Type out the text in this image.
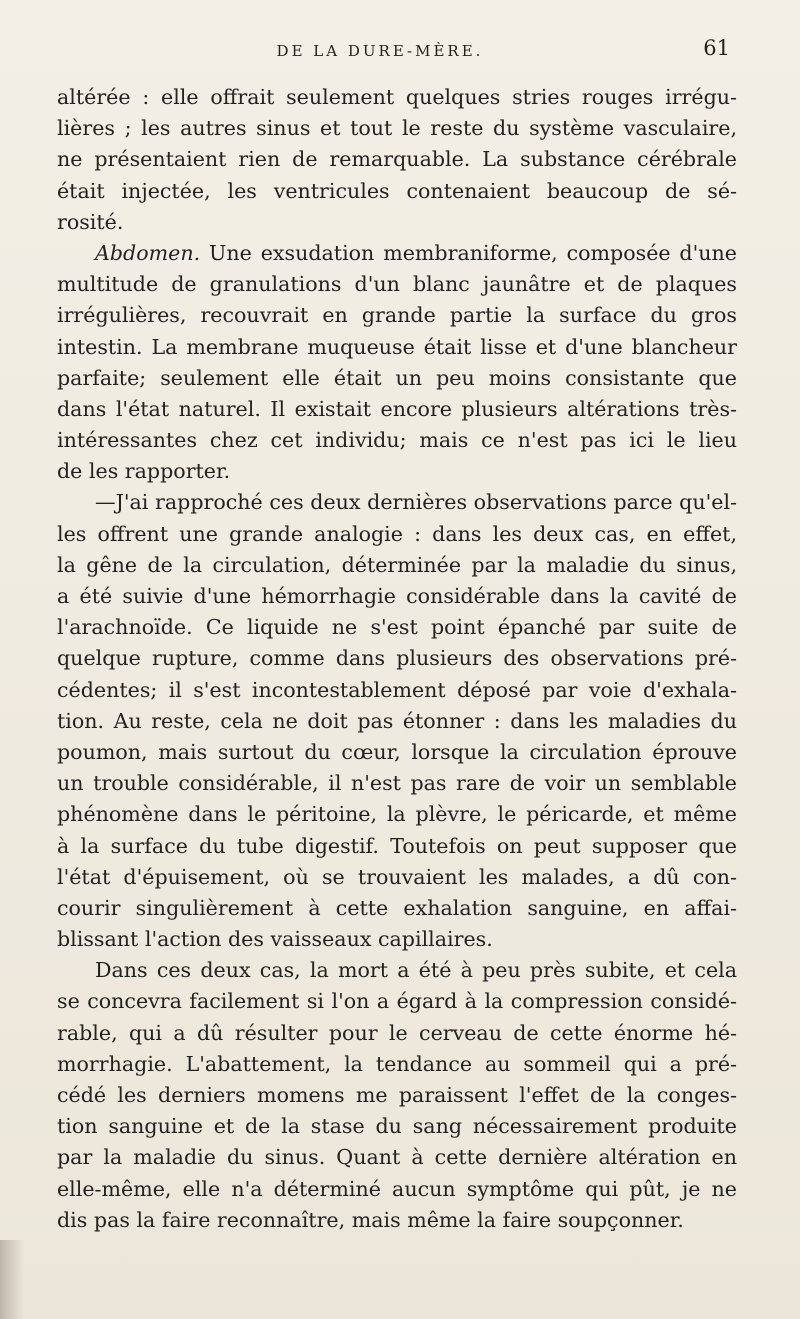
DE LA DURE-MÈRE.	61
altérée : elle offrait seulement quelques stries rouges irrégu-
lières ; les autres sinus et tout le reste du système vasculaire,
ne présentaient rien de remarquable. La substance cérébrale
était injectée, les ventricules contenaient beaucoup de sé-
rosité.
Abdomen. Une exsudation membraniforme, composée d'une
multitude de granulations d'un blanc jaunâtre et de plaques
irrégulières, recouvrait en grande partie la surface du gros
intestin. La membrane muqueuse était lisse et d'une blancheur
parfaite; seulement elle était un peu moins consistante que
dans l'état naturel. Il existait encore plusieurs altérations très-
intéressantes chez cet individu; mais ce n'est pas ici le lieu
de les rapporter.
—J'ai rapproché ces deux dernières observations parce qu'el-
les offrent une grande analogie : dans les deux cas, en effet,
la gêne de la circulation, déterminée par la maladie du sinus,
a été suivie d'une hémorrhagie considérable dans la cavité de
l'arachnoïde. Ce liquide ne s'est point épanché par suite de
quelque rupture, comme dans plusieurs des observations pré-
cédentes; il s'est incontestablement déposé par voie d'exhala-
tion. Au reste, cela ne doit pas étonner : dans les maladies du
poumon, mais surtout du cœur, lorsque la circulation éprouve
un trouble considérable, il n'est pas rare de voir un semblable
phénomène dans le péritoine, la plèvre, le péricarde, et même
à la surface du tube digestif. Toutefois on peut supposer que
l'état d'épuisement, où se trouvaient les malades, a dû con-
courir singulièrement à cette exhalation sanguine, en affai-
blissant l'action des vaisseaux capillaires.
Dans ces deux cas, la mort a été à peu près subite, et cela
se concevra facilement si l'on a égard à la compression considé-
rable, qui a dû résulter pour le cerveau de cette énorme hé-
morrhagie. L'abattement, la tendance au sommeil qui a pré-
cédé les derniers momens me paraissent l'effet de la conges-
tion sanguine et de la stase du sang nécessairement produite
par la maladie du sinus. Quant à cette dernière altération en
elle-même, elle n'a déterminé aucun symptôme qui pût, je ne
dis pas la faire reconnaître, mais même la faire soupçonner.
